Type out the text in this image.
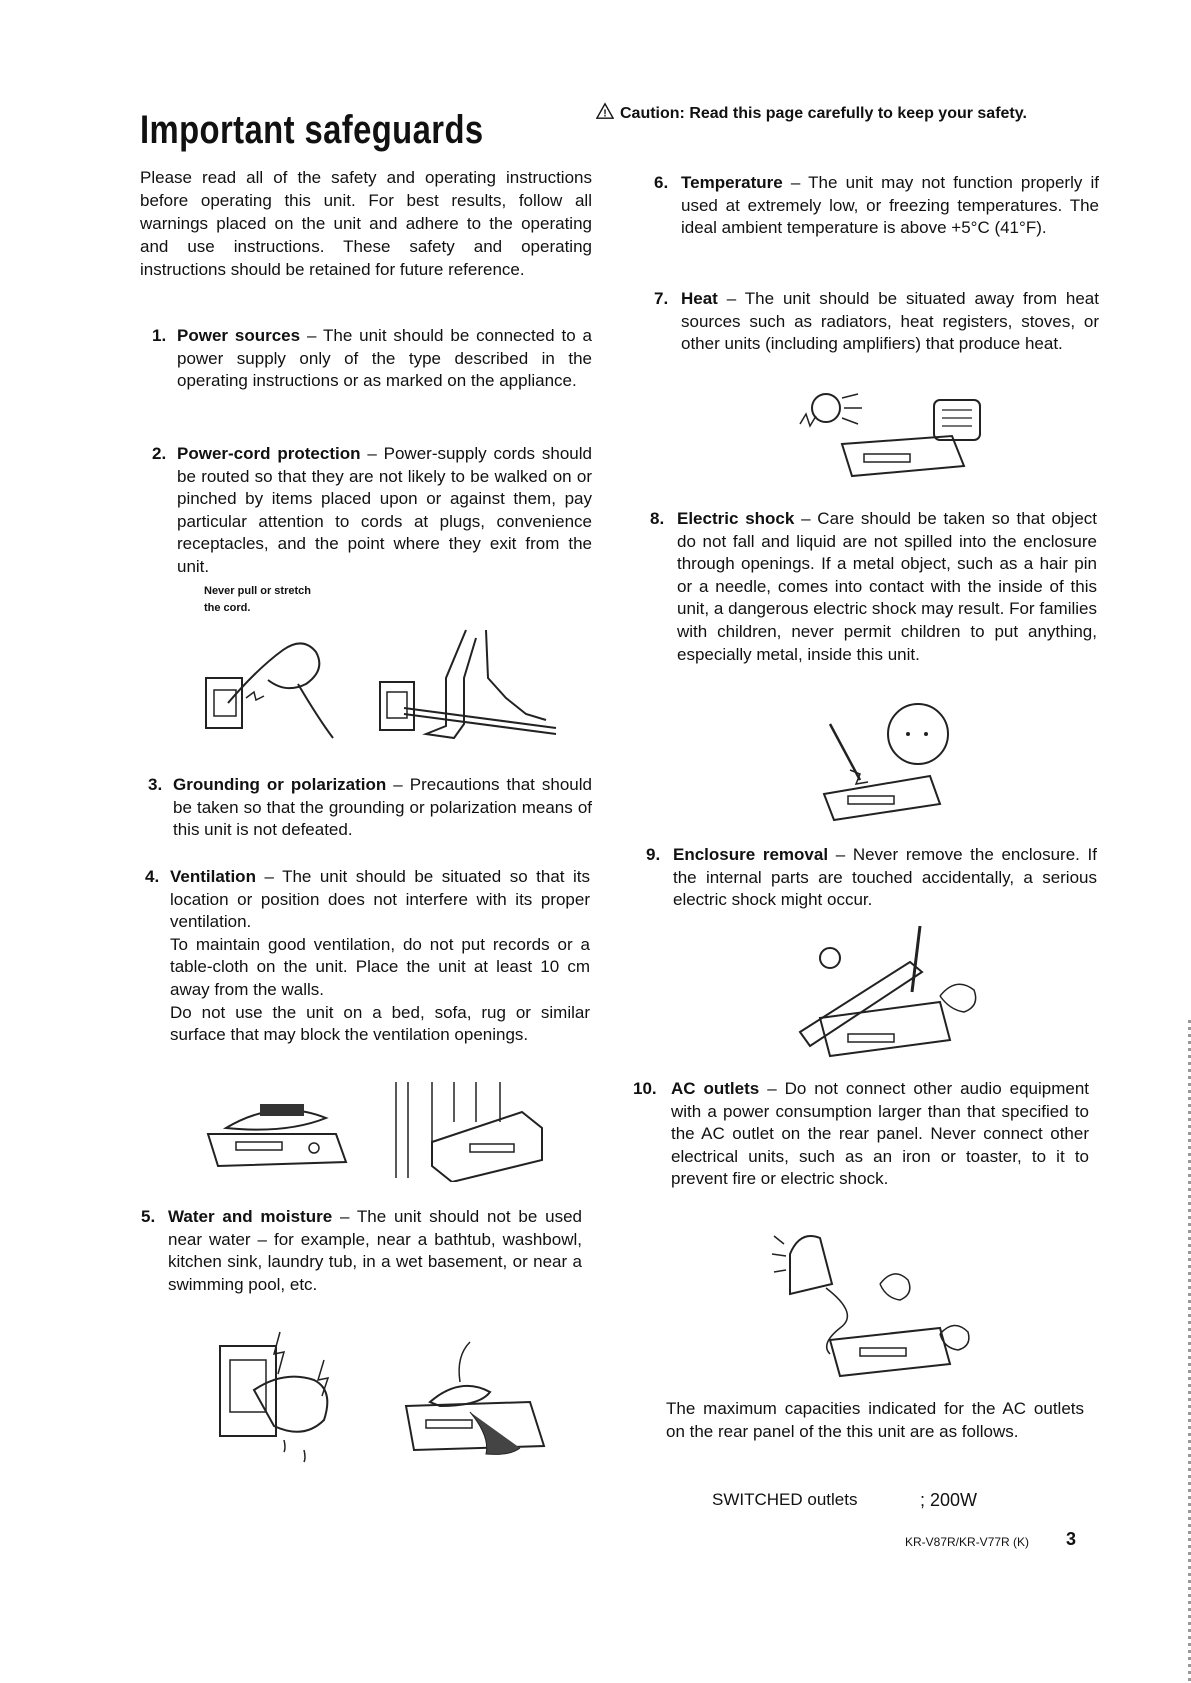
Important safeguards	! Caution: Read this page carefully to keep your safety.
Please read all of the safety and operating instructions before operating this unit. For best results, follow all warnings placed on the unit and adhere to the operating and use instructions. These safety and operating instructions should be retained for future reference.
1. Power sources – The unit should be connected to a power supply only of the type described in the operating instructions or as marked on the appliance.
2. Power-cord protection – Power-supply cords should be routed so that they are not likely to be walked on or pinched by items placed upon or against them, pay particular attention to cords at plugs, convenience receptacles, and the point where they exit from the unit.
Never pull or stretch
the cord.
3. Grounding or polarization – Precautions that should be taken so that the grounding or polarization means of this unit is not defeated.
4. Ventilation – The unit should be situated so that its location or position does not interfere with its proper ventilation.
To maintain good ventilation, do not put records or a table-cloth on the unit. Place the unit at least 10 cm away from the walls.
Do not use the unit on a bed, sofa, rug or similar surface that may block the ventilation openings.
5. Water and moisture – The unit should not be used near water – for example, near a bathtub, washbowl, kitchen sink, laundry tub, in a wet basement, or near a swimming pool, etc.
6. Temperature – The unit may not function properly if used at extremely low, or freezing temperatures. The ideal ambient temperature is above +5°C (41°F).
7. Heat – The unit should be situated away from heat sources such as radiators, heat registers, stoves, or other units (including amplifiers) that produce heat.
8. Electric shock – Care should be taken so that object do not fall and liquid are not spilled into the enclosure through openings. If a metal object, such as a hair pin or a needle, comes into contact with the inside of this unit, a dangerous electric shock may result. For families with children, never permit children to put anything, especially metal, inside this unit.
9. Enclosure removal – Never remove the enclosure. If the internal parts are touched accidentally, a serious electric shock might occur.
10. AC outlets – Do not connect other audio equipment with a power consumption larger than that specified to the AC outlet on the rear panel. Never connect other electrical units, such as an iron or toaster, to it to prevent fire or electric shock.
The maximum capacities indicated for the AC outlets on the rear panel of the this unit are as follows.
SWITCHED outlets	; 200W
KR-V87R/KR-V77R (K) 3
